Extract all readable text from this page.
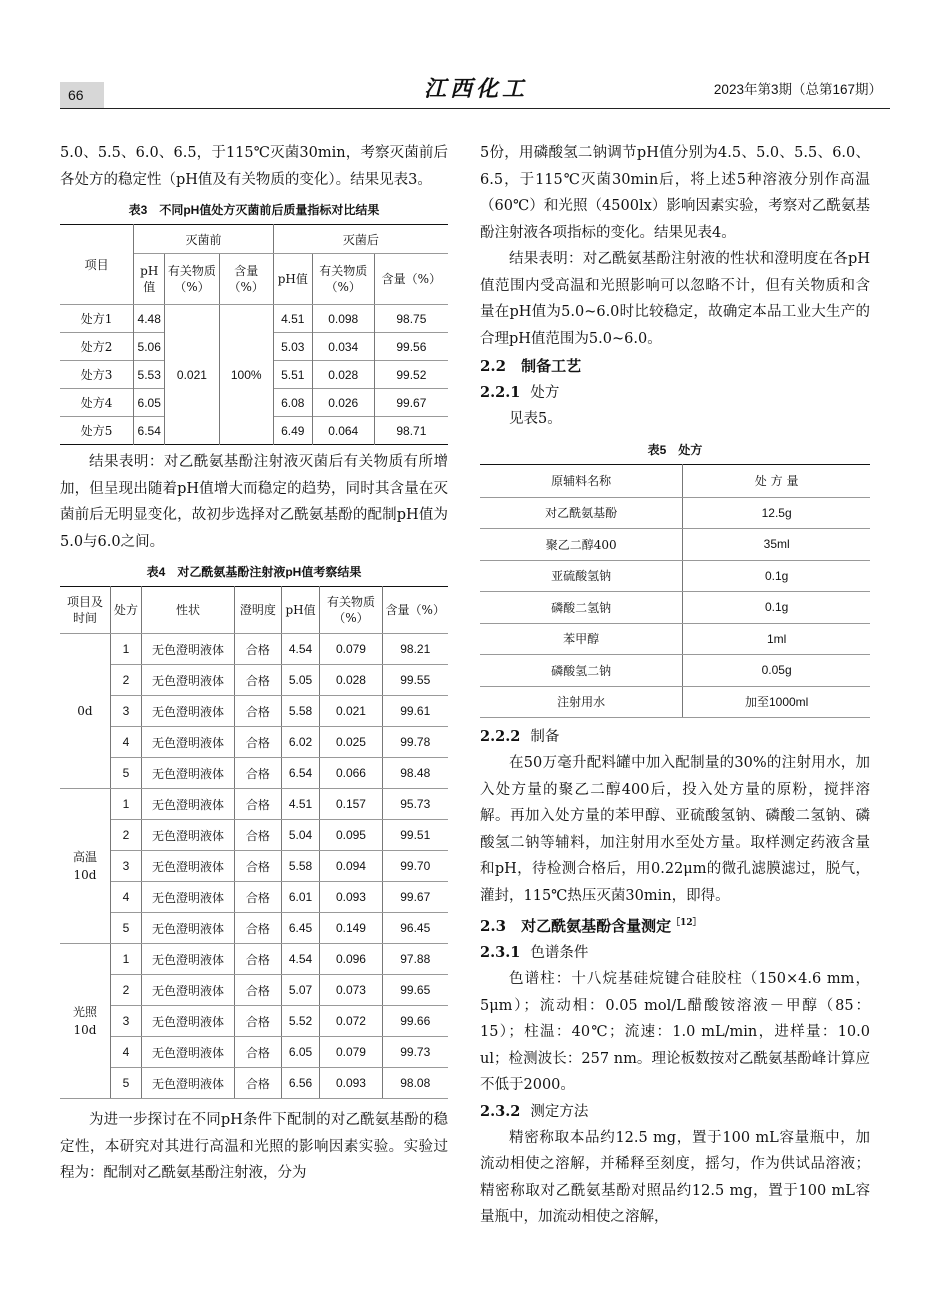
66	江西化工	2023年第3期（总第167期）

5.0、5.5、6.0、6.5，于115℃灭菌30min，考察灭菌前后各处方的稳定性（pH值及有关物质的变化）。结果见表3。

表3　不同pH值处方灭菌前后质量指标对比结果
项目	灭菌前			灭菌后		
	pH值	有关物质（%）	含量（%）	pH值	有关物质（%）	含量（%）
处方1	4.48	0.021	100%	4.51	0.098	98.75
处方2	5.06			5.03	0.034	99.56
处方3	5.53			5.51	0.028	99.52
处方4	6.05			6.08	0.026	99.67
处方5	6.54			6.49	0.064	98.71

结果表明：对乙酰氨基酚注射液灭菌后有关物质有所增加，但呈现出随着pH值增大而稳定的趋势，同时其含量在灭菌前后无明显变化，故初步选择对乙酰氨基酚的配制pH值为5.0与6.0之间。

表4　对乙酰氨基酚注射液pH值考察结果
项目及时间	处方	性状	澄明度	pH值	有关物质（%）	含量（%）
0d	1	无色澄明液体	合格	4.54	0.079	98.21
	2	无色澄明液体	合格	5.05	0.028	99.55
	3	无色澄明液体	合格	5.58	0.021	99.61
	4	无色澄明液体	合格	6.02	0.025	99.78
	5	无色澄明液体	合格	6.54	0.066	98.48
高温10d	1	无色澄明液体	合格	4.51	0.157	95.73
	2	无色澄明液体	合格	5.04	0.095	99.51
	3	无色澄明液体	合格	5.58	0.094	99.70
	4	无色澄明液体	合格	6.01	0.093	99.67
	5	无色澄明液体	合格	6.45	0.149	96.45
光照10d	1	无色澄明液体	合格	4.54	0.096	97.88
	2	无色澄明液体	合格	5.07	0.073	99.65
	3	无色澄明液体	合格	5.52	0.072	99.66
	4	无色澄明液体	合格	6.05	0.079	99.73
	5	无色澄明液体	合格	6.56	0.093	98.08

为进一步探讨在不同pH条件下配制的对乙酰氨基酚的稳定性，本研究对其进行高温和光照的影响因素实验。实验过程为：配制对乙酰氨基酚注射液，分为

5份，用磷酸氢二钠调节pH值分别为4.5、5.0、5.5、6.0、6.5，于115℃灭菌30min后，将上述5种溶液分别作高温（60℃）和光照（4500lx）影响因素实验，考察对乙酰氨基酚注射液各项指标的变化。结果见表4。

结果表明：对乙酰氨基酚注射液的性状和澄明度在各pH值范围内受高温和光照影响可以忽略不计，但有关物质和含量在pH值为5.0~6.0时比较稳定，故确定本品工业大生产的合理pH值范围为5.0~6.0。

2.2　 制备工艺
2.2.1 处方

见表5。

表5　处方
原辅料名称	处 方 量
对乙酰氨基酚	12.5g
聚乙二醇400	35ml
亚硫酸氢钠	0.1g
磷酸二氢钠	0.1g
苯甲醇	1ml
磷酸氢二钠	0.05g
注射用水	加至1000ml
2.2.2 制备

在50万毫升配料罐中加入配制量的30%的注射用水，加入处方量的聚乙二醇400后，投入处方量的原粉，搅拌溶解。再加入处方量的苯甲醇、亚硫酸氢钠、磷酸二氢钠、磷酸氢二钠等辅料，加注射用水至处方量。取样测定药液含量和pH，待检测合格后，用0.22μm的微孔滤膜滤过，脱气，灌封，115℃热压灭菌30min，即得。

2.3　 对乙酰氨基酚含量测定$^{[12]}$
2.3.1 色谱条件

色谱柱：十八烷基硅烷键合硅胶柱（150×4.6 mm，5μm）；流动相：0.05 mol/L醋酸铵溶液－甲醇（85：15）；柱温：40℃；流速：1.0 mL/min，进样量：10.0 ul；检测波长：257 nm。理论板数按对乙酰氨基酚峰计算应不低于2000。

2.3.2 测定方法

精密称取本品约12.5 mg，置于100 mL容量瓶中，加流动相使之溶解，并稀释至刻度，摇匀，作为供试品溶液；精密称取对乙酰氨基酚对照品约12.5 mg，置于100 mL容量瓶中，加流动相使之溶解，
